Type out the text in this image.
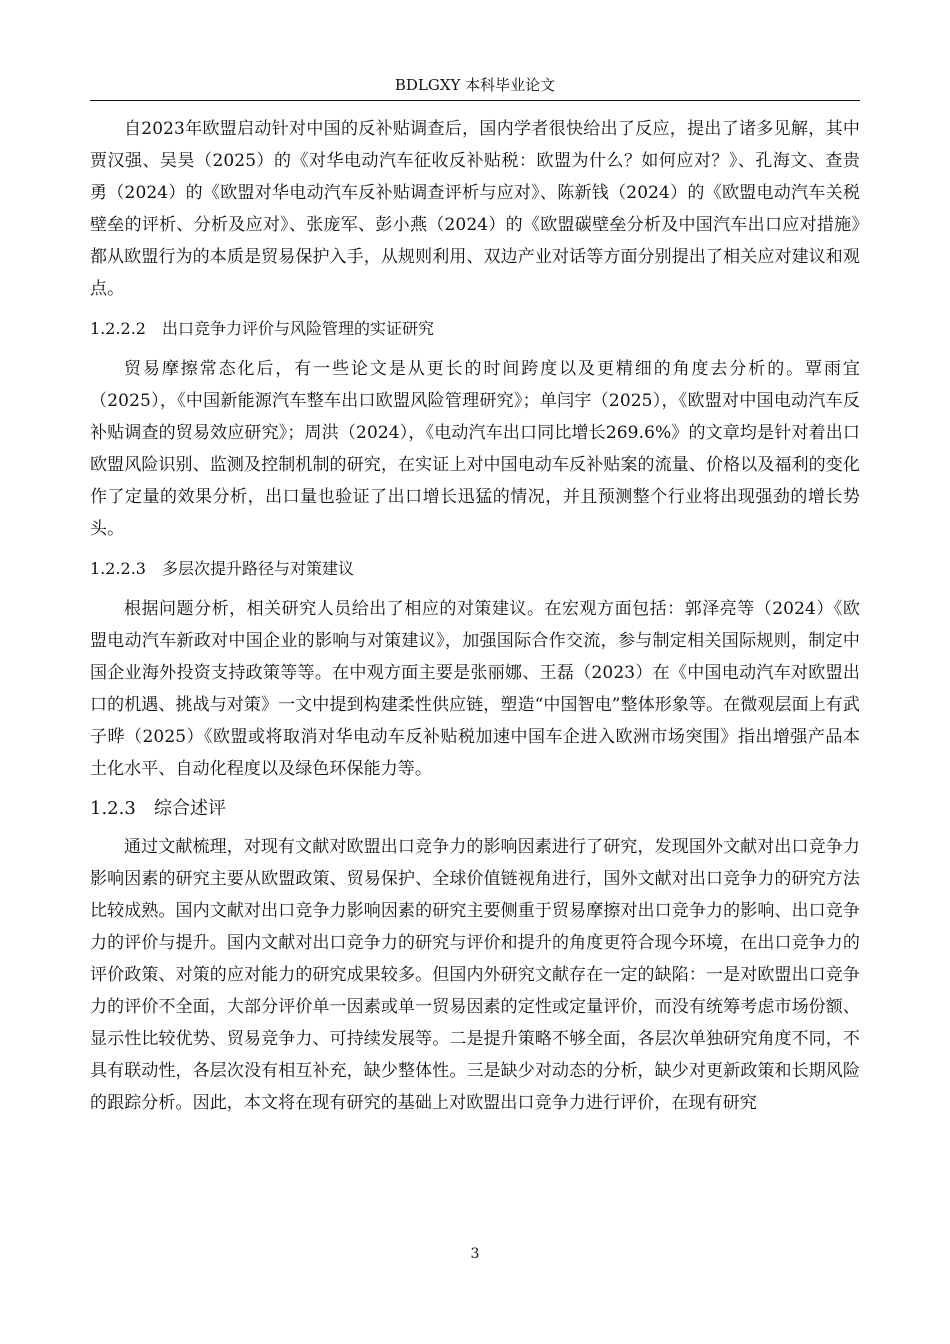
BDLGXY 本科毕业论文

自2023年欧盟启动针对中国的反补贴调查后，国内学者很快给出了反应，提出了诸多见解，其中贾汉强、吴昊（2025）的《对华电动汽车征收反补贴税：欧盟为什么？如何应对？》、孔海文、查贵勇（2024）的《欧盟对华电动汽车反补贴调查评析与应对》、陈新钱（2024）的《欧盟电动汽车关税壁垒的评析、分析及应对》、张庞军、彭小燕（2024）的《欧盟碳壁垒分析及中国汽车出口应对措施》都从欧盟行为的本质是贸易保护入手，从规则利用、双边产业对话等方面分别提出了相关应对建议和观点。

1.2.2.2 出口竞争力评价与风险管理的实证研究

贸易摩擦常态化后，有一些论文是从更长的时间跨度以及更精细的角度去分析的。覃雨宜（2025），《中国新能源汽车整车出口欧盟风险管理研究》；单闫宇（2025），《欧盟对中国电动汽车反补贴调查的贸易效应研究》；周洪（2024），《电动汽车出口同比增长269.6%》的文章均是针对着出口欧盟风险识别、监测及控制机制的研究，在实证上对中国电动车反补贴案的流量、价格以及福利的变化作了定量的效果分析，出口量也验证了出口增长迅猛的情况，并且预测整个行业将出现强劲的增长势头。

1.2.2.3 多层次提升路径与对策建议

根据问题分析，相关研究人员给出了相应的对策建议。在宏观方面包括：郭泽亮等（2024）《欧盟电动汽车新政对中国企业的影响与对策建议》，加强国际合作交流，参与制定相关国际规则，制定中国企业海外投资支持政策等等。在中观方面主要是张丽娜、王磊（2023）在《中国电动汽车对欧盟出口的机遇、挑战与对策》一文中提到构建柔性供应链，塑造“中国智电”整体形象等。在微观层面上有武子晔（2025）《欧盟或将取消对华电动车反补贴税加速中国车企进入欧洲市场突围》指出增强产品本土化水平、自动化程度以及绿色环保能力等。

1.2.3 综合述评

通过文献梳理，对现有文献对欧盟出口竞争力的影响因素进行了研究，发现国外文献对出口竞争力影响因素的研究主要从欧盟政策、贸易保护、全球价值链视角进行，国外文献对出口竞争力的研究方法比较成熟。国内文献对出口竞争力影响因素的研究主要侧重于贸易摩擦对出口竞争力的影响、出口竞争力的评价与提升。国内文献对出口竞争力的研究与评价和提升的角度更符合现今环境，在出口竞争力的评价政策、对策的应对能力的研究成果较多。但国内外研究文献存在一定的缺陷：一是对欧盟出口竞争力的评价不全面，大部分评价单一因素或单一贸易因素的定性或定量评价，而没有统筹考虑市场份额、显示性比较优势、贸易竞争力、可持续发展等。二是提升策略不够全面，各层次单独研究角度不同，不具有联动性，各层次没有相互补充，缺少整体性。三是缺少对动态的分析，缺少对更新政策和长期风险的跟踪分析。因此，本文将在现有研究的基础上对欧盟出口竞争力进行评价，在现有研究

3
